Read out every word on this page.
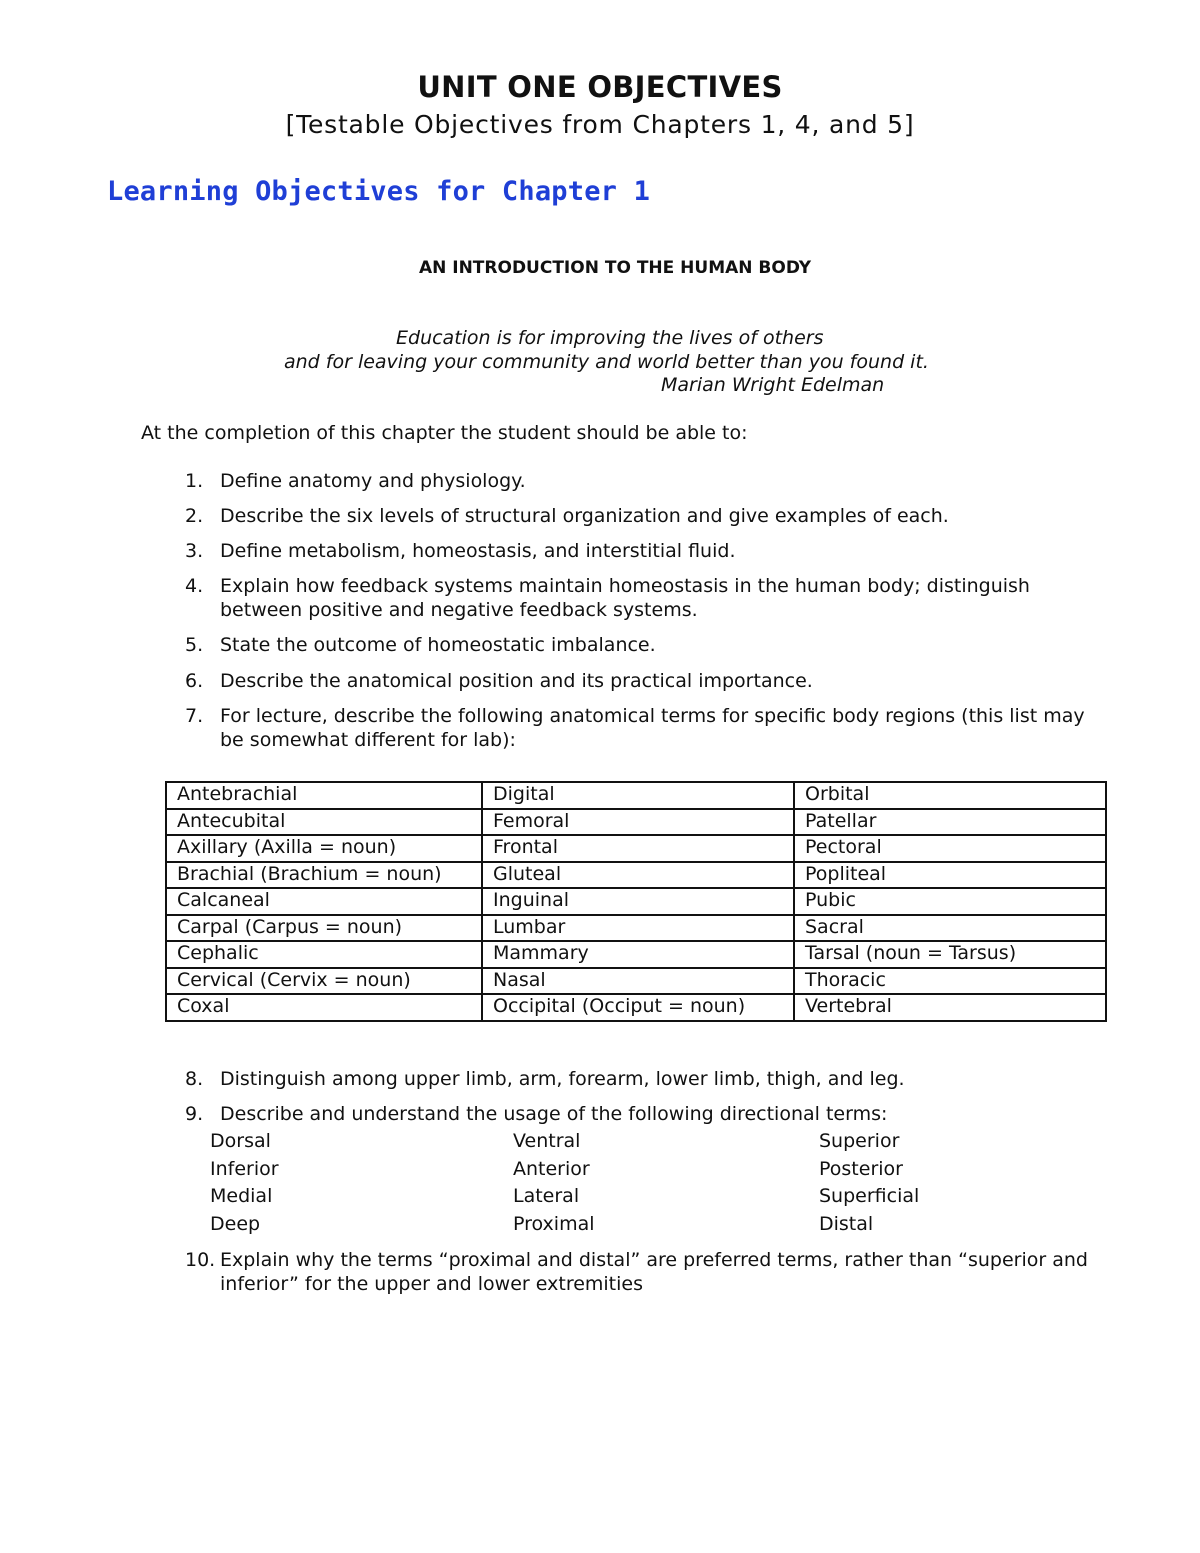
UNIT ONE OBJECTIVES
[Testable Objectives from Chapters 1, 4, and 5]
Learning Objectives for Chapter 1
AN INTRODUCTION TO THE HUMAN BODY
Education is for improving the lives of others
and for leaving your community and world better than you found it.
Marian Wright Edelman
At the completion of this chapter the student should be able to:
1. Define anatomy and physiology.
2. Describe the six levels of structural organization and give examples of each.
3. Define metabolism, homeostasis, and interstitial fluid.
4. Explain how feedback systems maintain homeostasis in the human body; distinguish between positive and negative feedback systems.
5. State the outcome of homeostatic imbalance.
6. Describe the anatomical position and its practical importance.
7. For lecture, describe the following anatomical terms for specific body regions (this list may be somewhat different for lab):
Antebrachial	Digital	Orbital
Antecubital	Femoral	Patellar
Axillary (Axilla = noun)	Frontal	Pectoral
Brachial (Brachium = noun)	Gluteal	Popliteal
Calcaneal	Inguinal	Pubic
Carpal (Carpus = noun)	Lumbar	Sacral
Cephalic	Mammary	Tarsal (noun = Tarsus)
Cervical (Cervix = noun)	Nasal	Thoracic
Coxal	Occipital (Occiput = noun)	Vertebral
8. Distinguish among upper limb, arm, forearm, lower limb, thigh, and leg.
9. Describe and understand the usage of the following directional terms:
Dorsal	Ventral	Superior
Inferior	Anterior	Posterior
Medial	Lateral	Superficial
Deep	Proximal	Distal
10. Explain why the terms “proximal and distal” are preferred terms, rather than “superior and inferior” for the upper and lower extremities
